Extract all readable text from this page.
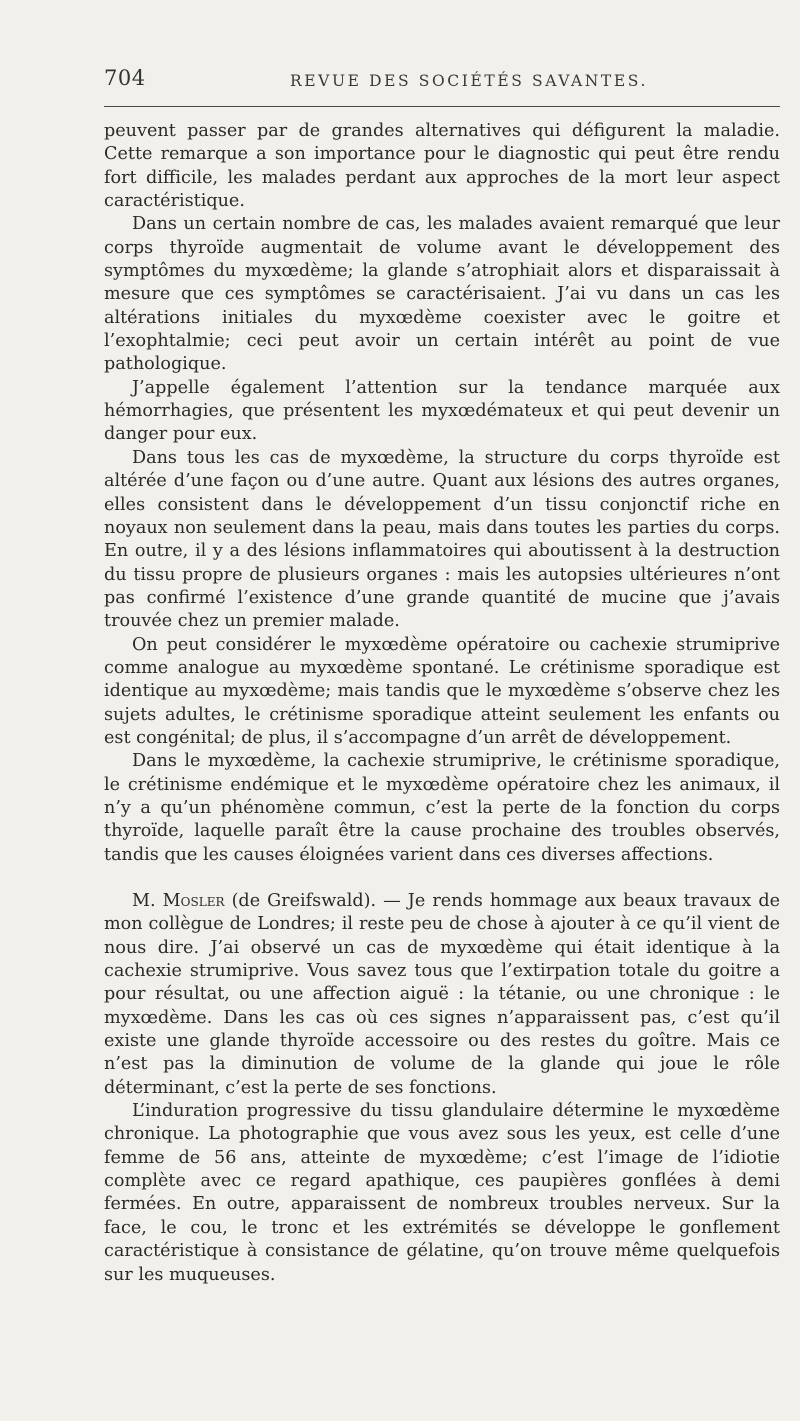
704	REVUE DES SOCIÉTÉS SAVANTES.

peuvent passer par de grandes alternatives qui défigurent la maladie. Cette remarque a son importance pour le diagnostic qui peut être rendu fort difficile, les malades perdant aux approches de la mort leur aspect caractéristique.

Dans un certain nombre de cas, les malades avaient remarqué que leur corps thyroïde augmentait de volume avant le développement des symptômes du myxœdème; la glande s’atrophiait alors et disparaissait à mesure que ces symptômes se caractérisaient. J’ai vu dans un cas les altérations initiales du myxœdème coexister avec le goitre et l’exophtalmie; ceci peut avoir un certain intérêt au point de vue pathologique.

J’appelle également l’attention sur la tendance marquée aux hémorrhagies, que présentent les myxœdémateux et qui peut devenir un danger pour eux.

Dans tous les cas de myxœdème, la structure du corps thyroïde est altérée d’une façon ou d’une autre. Quant aux lésions des autres organes, elles consistent dans le développement d’un tissu conjonctif riche en noyaux non seulement dans la peau, mais dans toutes les parties du corps. En outre, il y a des lésions inflammatoires qui aboutissent à la destruction du tissu propre de plusieurs organes : mais les autopsies ultérieures n’ont pas confirmé l’existence d’une grande quantité de mucine que j’avais trouvée chez un premier malade.

On peut considérer le myxœdème opératoire ou cachexie strumiprive comme analogue au myxœdème spontané. Le crétinisme sporadique est identique au myxœdème; mais tandis que le myxœdème s’observe chez les sujets adultes, le crétinisme sporadique atteint seulement les enfants ou est congénital; de plus, il s’accompagne d’un arrêt de développement.

Dans le myxœdème, la cachexie strumiprive, le crétinisme sporadique, le crétinisme endémique et le myxœdème opératoire chez les animaux, il n’y a qu’un phénomène commun, c’est la perte de la fonction du corps thyroïde, laquelle paraît être la cause prochaine des troubles observés, tandis que les causes éloignées varient dans ces diverses affections.

M. Mosler (de Greifswald). — Je rends hommage aux beaux travaux de mon collègue de Londres; il reste peu de chose à ajouter à ce qu’il vient de nous dire. J’ai observé un cas de myxœdème qui était identique à la cachexie strumiprive. Vous savez tous que l’extirpation totale du goitre a pour résultat, ou une affection aiguë : la tétanie, ou une chronique : le myxœdème. Dans les cas où ces signes n’apparaissent pas, c’est qu’il existe une glande thyroïde accessoire ou des restes du goître. Mais ce n’est pas la diminution de volume de la glande qui joue le rôle déterminant, c’est la perte de ses fonctions.

L’induration progressive du tissu glandulaire détermine le myxœdème chronique. La photographie que vous avez sous les yeux, est celle d’une femme de 56 ans, atteinte de myxœdème; c’est l’image de l’idiotie complète avec ce regard apathique, ces paupières gonflées à demi fermées. En outre, apparaissent de nombreux troubles nerveux. Sur la face, le cou, le tronc et les extrémités se développe le gonflement caractéristique à consistance de gélatine, qu’on trouve même quelquefois sur les muqueuses.
